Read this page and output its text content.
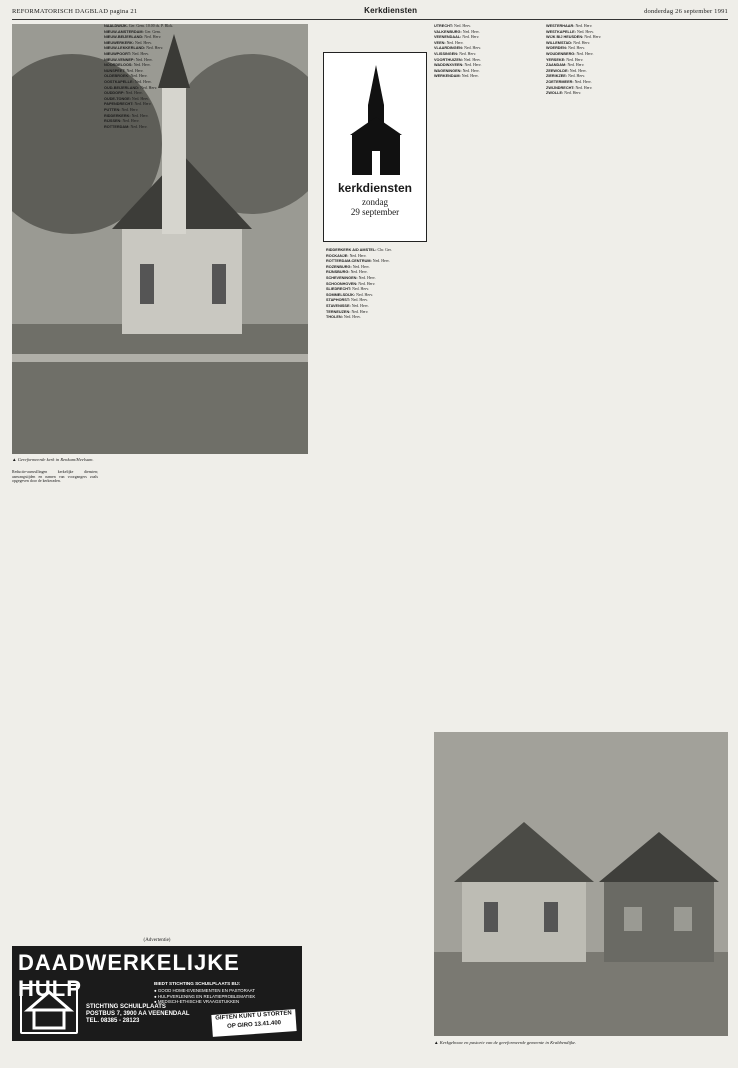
REFORMATORISCH DAGBLAD pagina 21	Kerkdiensten	donderdag 26 september 1991
▲ Gereformeerde kerk in Renkum/Heelsum.
kerkdiensten
zondag
29 september

Reductie-aanvullingen kerkelijke diensten; aanvangstijden en namen van voorgangers zoals opgegeven door de kerkeraden.

NAALDWIJK. Ger. Gem. 10.00 ds. P. Blok.

NIEUW-AMSTERDAM: Ger. Gem.

NIEUW-BEIJERLAND: Ned. Herv.

NIEUWERKERK: Ned. Herv.

NIEUW-LEKKERLAND: Ned. Herv.

NIEUWPOORT: Ned. Herv.

NIEUW-VENNEP: Ned. Herv.

NOORDELOOS: Ned. Herv.

NUNSPEET: Ned. Herv.

OLDEBROEK: Ned. Herv.

OOSTKAPELLE: Ned. Herv.

OUD-BEIJERLAND: Ned. Herv.

OUDDORP: Ned. Herv.

OUDE-TONGE: Ned. Herv.

PAPENDRECHT: Ned. Herv.

PUTTEN: Ned. Herv.

RIDDERKERK: Ned. Herv.

RIJSSEN: Ned. Herv.

ROTTERDAM: Ned. Herv.

RIDDERKERK A/D AMSTEL: Chr. Ger.

ROCKANJE: Ned. Herv.

ROTTERDAM-CENTRUM: Ned. Herv.

ROZENBURG: Ned. Herv.

RIJNSBURG: Ned. Herv.

SCHEVENINGEN: Ned. Herv.

SCHOONHOVEN: Ned. Herv.

SLIEDRECHT: Ned. Herv.

SOMMELSDIJK: Ned. Herv.

STAPHORST: Ned. Herv.

STAVENISSE: Ned. Herv.

TERNEUZEN: Ned. Herv.

THOLEN: Ned. Herv.

UTRECHT: Ned. Herv.

VALKENBURG: Ned. Herv.

VEENENDAAL: Ned. Herv.

VEEN: Ned. Herv.

VLAARDINGEN: Ned. Herv.

VLISSINGEN: Ned. Herv.

VOORTHUIZEN: Ned. Herv.

WADDINXVEEN: Ned. Herv.

WAGENINGEN: Ned. Herv.

WERKENDAM: Ned. Herv.

WESTERHAAR: Ned. Herv.

WESTKAPELLE: Ned. Herv.

WIJK BIJ HEUSDEN: Ned. Herv.

WILLEMSTAD: Ned. Herv.

WOERDEN: Ned. Herv.

WOUDENBERG: Ned. Herv.

YERSEKE: Ned. Herv.

ZAANDAM: Ned. Herv.

ZEEWOLDE: Ned. Herv.

ZIERIKZEE: Ned. Herv.

ZOETERMEER: Ned. Herv.

ZWIJNDRECHT: Ned. Herv.

ZWOLLE: Ned. Herv.

▲ Kerkgebouw en pastorie van de gereformeerde gemeente in Krabbendijke.
(Advertentie)
DAADWERKELIJKE HULP	BIEDT STICHTING SCHUILPLAATS BIJ:
● GOOD HOME-EVENEMENTEN EN PASTORAAT
● HULPVERLENING EN RELATIEPROBLEMATIEK
● MEDISCH-ETHISCHE VRAAGSTUKKEN
STICHTING SCHUILPLAATS
POSTBUS 7, 3900 AA VEENENDAAL
TEL. 08385 - 28123	GIFTEN KUNT U STORTEN
OP GIRO 13.41.400
